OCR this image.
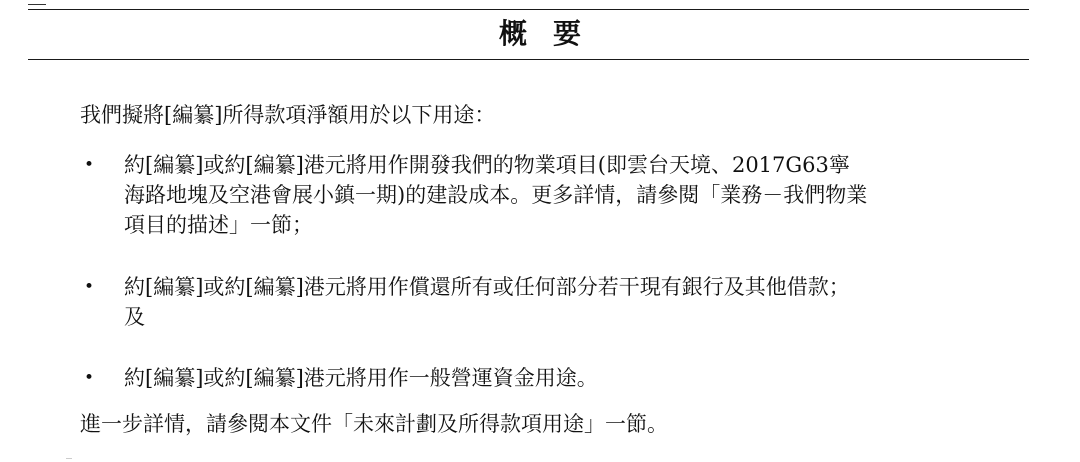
概要
我們擬將[編纂]所得款項淨額用於以下用途：
• 約[編纂]或約[編纂]港元將用作開發我們的物業項目(即雲台天境、2017G63寧
海路地塊及空港會展小鎮一期)的建設成本。更多詳情，請參閱「業務－我們物業
項目的描述」一節；
• 約[編纂]或約[編纂]港元將用作償還所有或任何部分若干現有銀行及其他借款；
及
• 約[編纂]或約[編纂]港元將用作一般營運資金用途。
進一步詳情，請參閱本文件「未來計劃及所得款項用途」一節。
